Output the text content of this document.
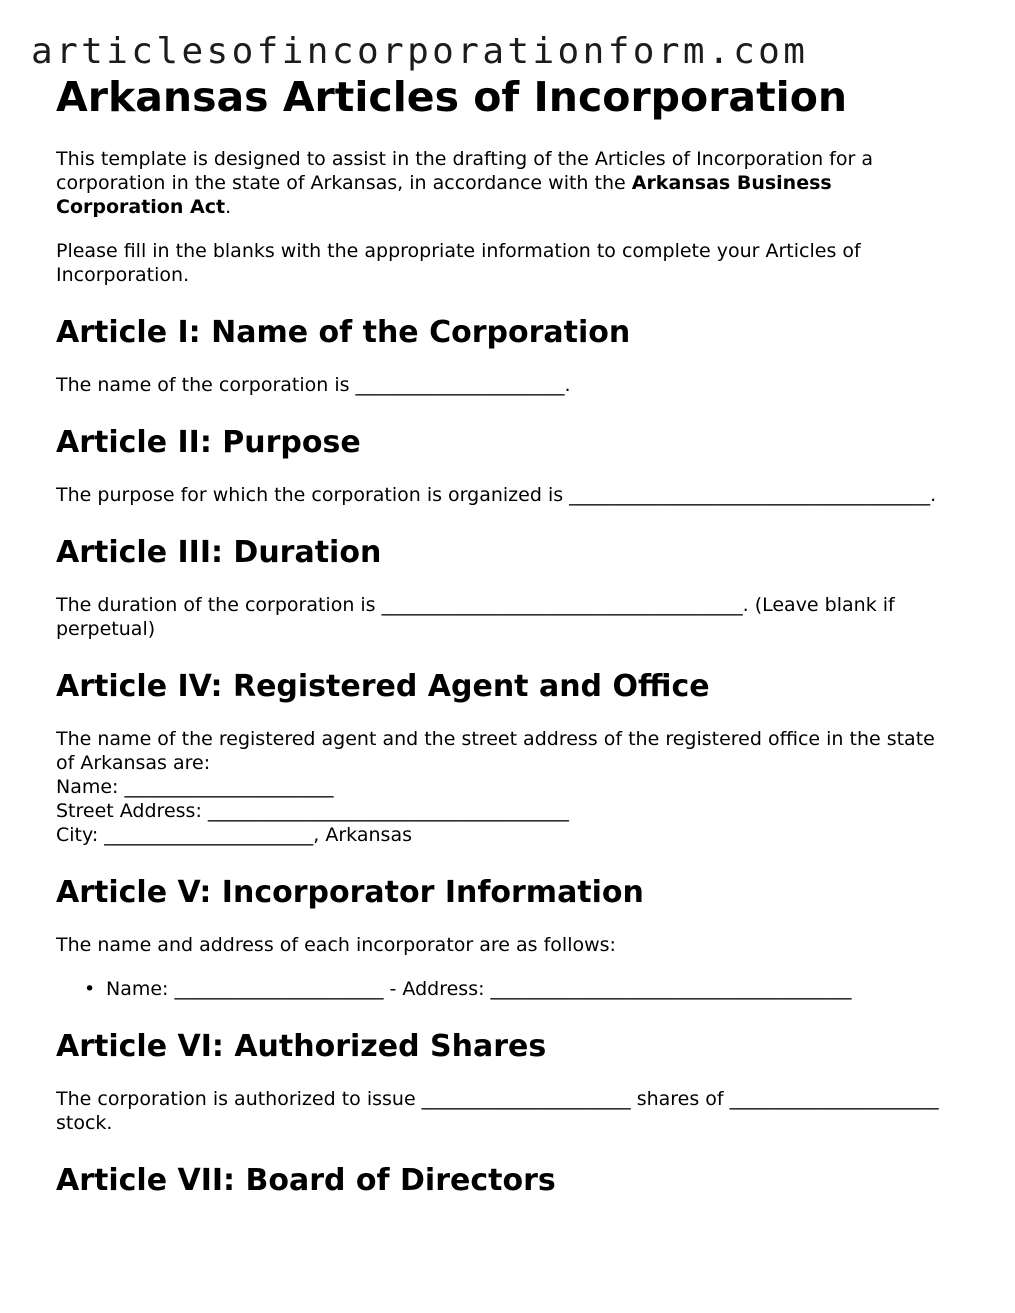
articlesofincorporationform.com
Arkansas Articles of Incorporation

This template is designed to assist in the drafting of the Articles of Incorporation for a corporation in the state of Arkansas, in accordance with the Arkansas Business Corporation Act.

Please fill in the blanks with the appropriate information to complete your Articles of Incorporation.

Article I: Name of the Corporation

The name of the corporation is ______________________.

Article II: Purpose

The purpose for which the corporation is organized is ______________________________________.

Article III: Duration

The duration of the corporation is ______________________________________. (Leave blank if perpetual)

Article IV: Registered Agent and Office

The name of the registered agent and the street address of the registered office in the state of Arkansas are:
Name: ______________________
Street Address: ______________________________________
City: ______________________, Arkansas

Article V: Incorporator Information

The name and address of each incorporator are as follows:

• Name: ______________________ - Address: ______________________________________
Article VI: Authorized Shares

The corporation is authorized to issue ______________________ shares of ______________________ stock.

Article VII: Board of Directors
